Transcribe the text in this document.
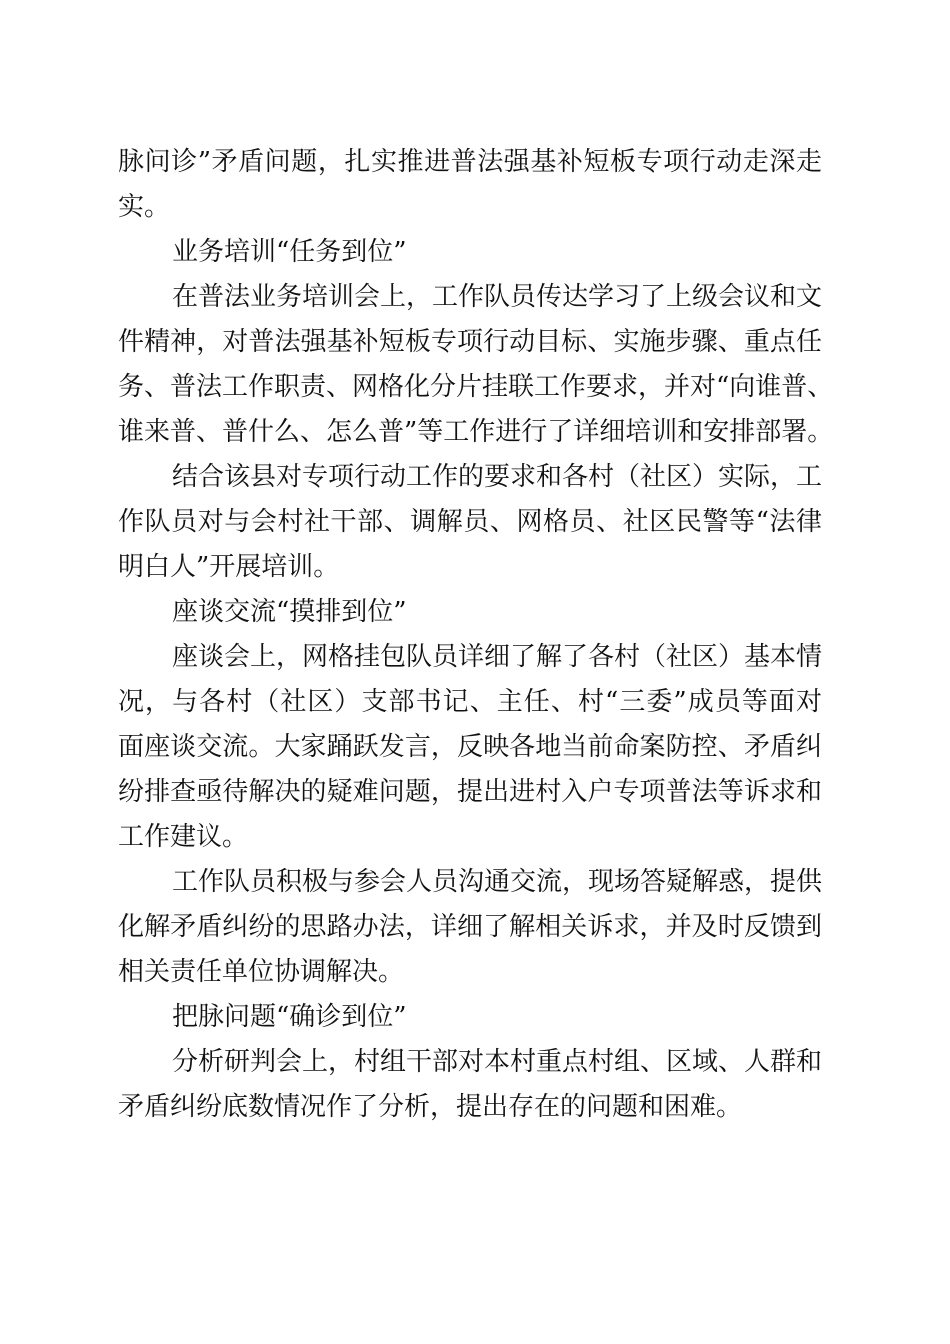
脉问诊”矛盾问题，扎实推进普法强基补短板专项行动走深走
实。
业务培训“任务到位”
在普法业务培训会上，工作队员传达学习了上级会议和文
件精神，对普法强基补短板专项行动目标、实施步骤、重点任
务、普法工作职责、网格化分片挂联工作要求，并对“向谁普、
谁来普、普什么、怎么普”等工作进行了详细培训和安排部署。
结合该县对专项行动工作的要求和各村（社区）实际，工
作队员对与会村社干部、调解员、网格员、社区民警等“法律
明白人”开展培训。
座谈交流“摸排到位”
座谈会上，网格挂包队员详细了解了各村（社区）基本情
况，与各村（社区）支部书记、主任、村“三委”成员等面对
面座谈交流。大家踊跃发言，反映各地当前命案防控、矛盾纠
纷排查亟待解决的疑难问题，提出进村入户专项普法等诉求和
工作建议。
工作队员积极与参会人员沟通交流，现场答疑解惑，提供
化解矛盾纠纷的思路办法，详细了解相关诉求，并及时反馈到
相关责任单位协调解决。
把脉问题“确诊到位”
分析研判会上，村组干部对本村重点村组、区域、人群和
矛盾纠纷底数情况作了分析，提出存在的问题和困难。
